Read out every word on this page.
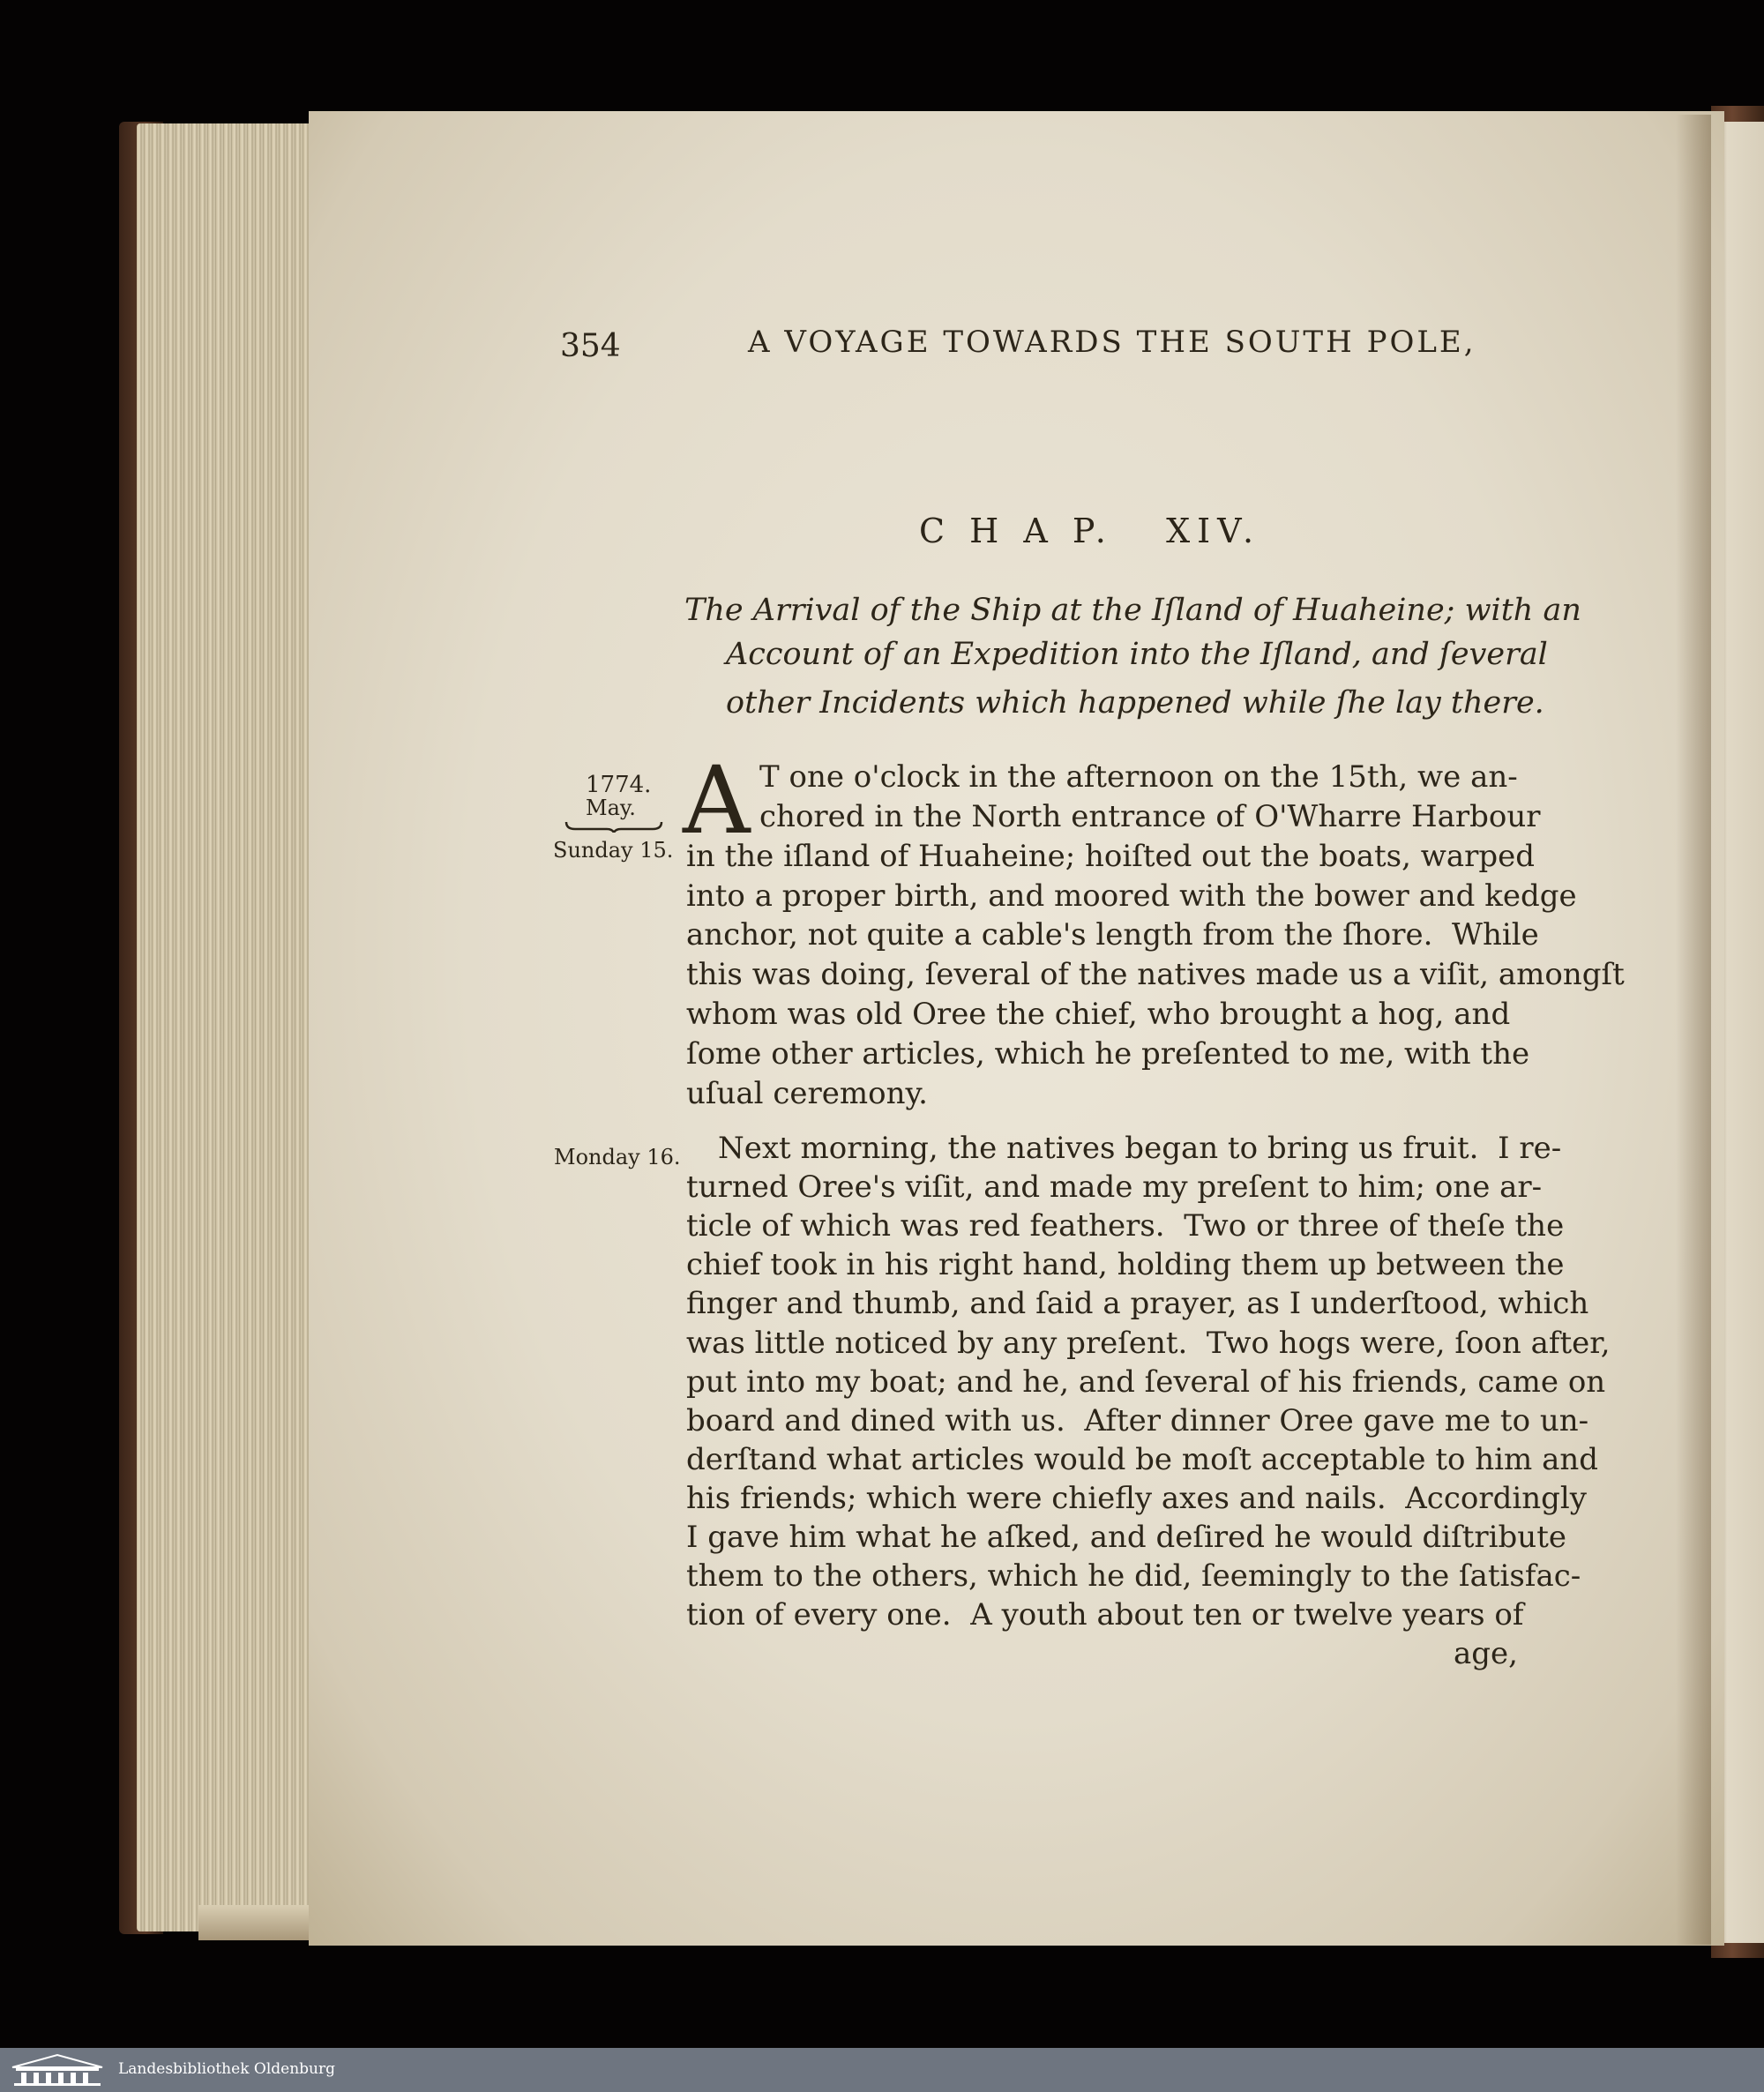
354	A VOYAGE TOWARDS THE SOUTH POLE,
C H A P.   XIV.
The Arrival of the Ship at the Iſland of Huaheine; with an
Account of an Expedition into the Iſland, and ſeveral
other Incidents which happened while ſhe lay there.
1774.
May.
Sunday 15.
Monday 16.
A T one o'clock in the afternoon on the 15th, we an-
chored in the North entrance of O'Wharre Harbour
in the iſland of Huaheine; hoiſted out the boats, warped
into a proper birth, and moored with the bower and kedge
anchor, not quite a cable's length from the ſhore.  While
this was doing, ſeveral of the natives made us a viſit, amongſt
whom was old Oree the chief, who brought a hog, and
ſome other articles, which he preſented to me, with the
uſual ceremony.
Next morning, the natives began to bring us fruit.  I re-
turned Oree's viſit, and made my preſent to him; one ar-
ticle of which was red feathers.  Two or three of theſe the
chief took in his right hand, holding them up between the
finger and thumb, and ſaid a prayer, as I underſtood, which
was little noticed by any preſent.  Two hogs were, ſoon after,
put into my boat; and he, and ſeveral of his friends, came on
board and dined with us.  After dinner Oree gave me to un-
derſtand what articles would be moſt acceptable to him and
his friends; which were chiefly axes and nails.  Accordingly
I gave him what he aſked, and deſired he would diſtribute
them to the others, which he did, ſeemingly to the ſatisfac-
tion of every one.  A youth about ten or twelve years of
age,
Landesbibliothek Oldenburg
